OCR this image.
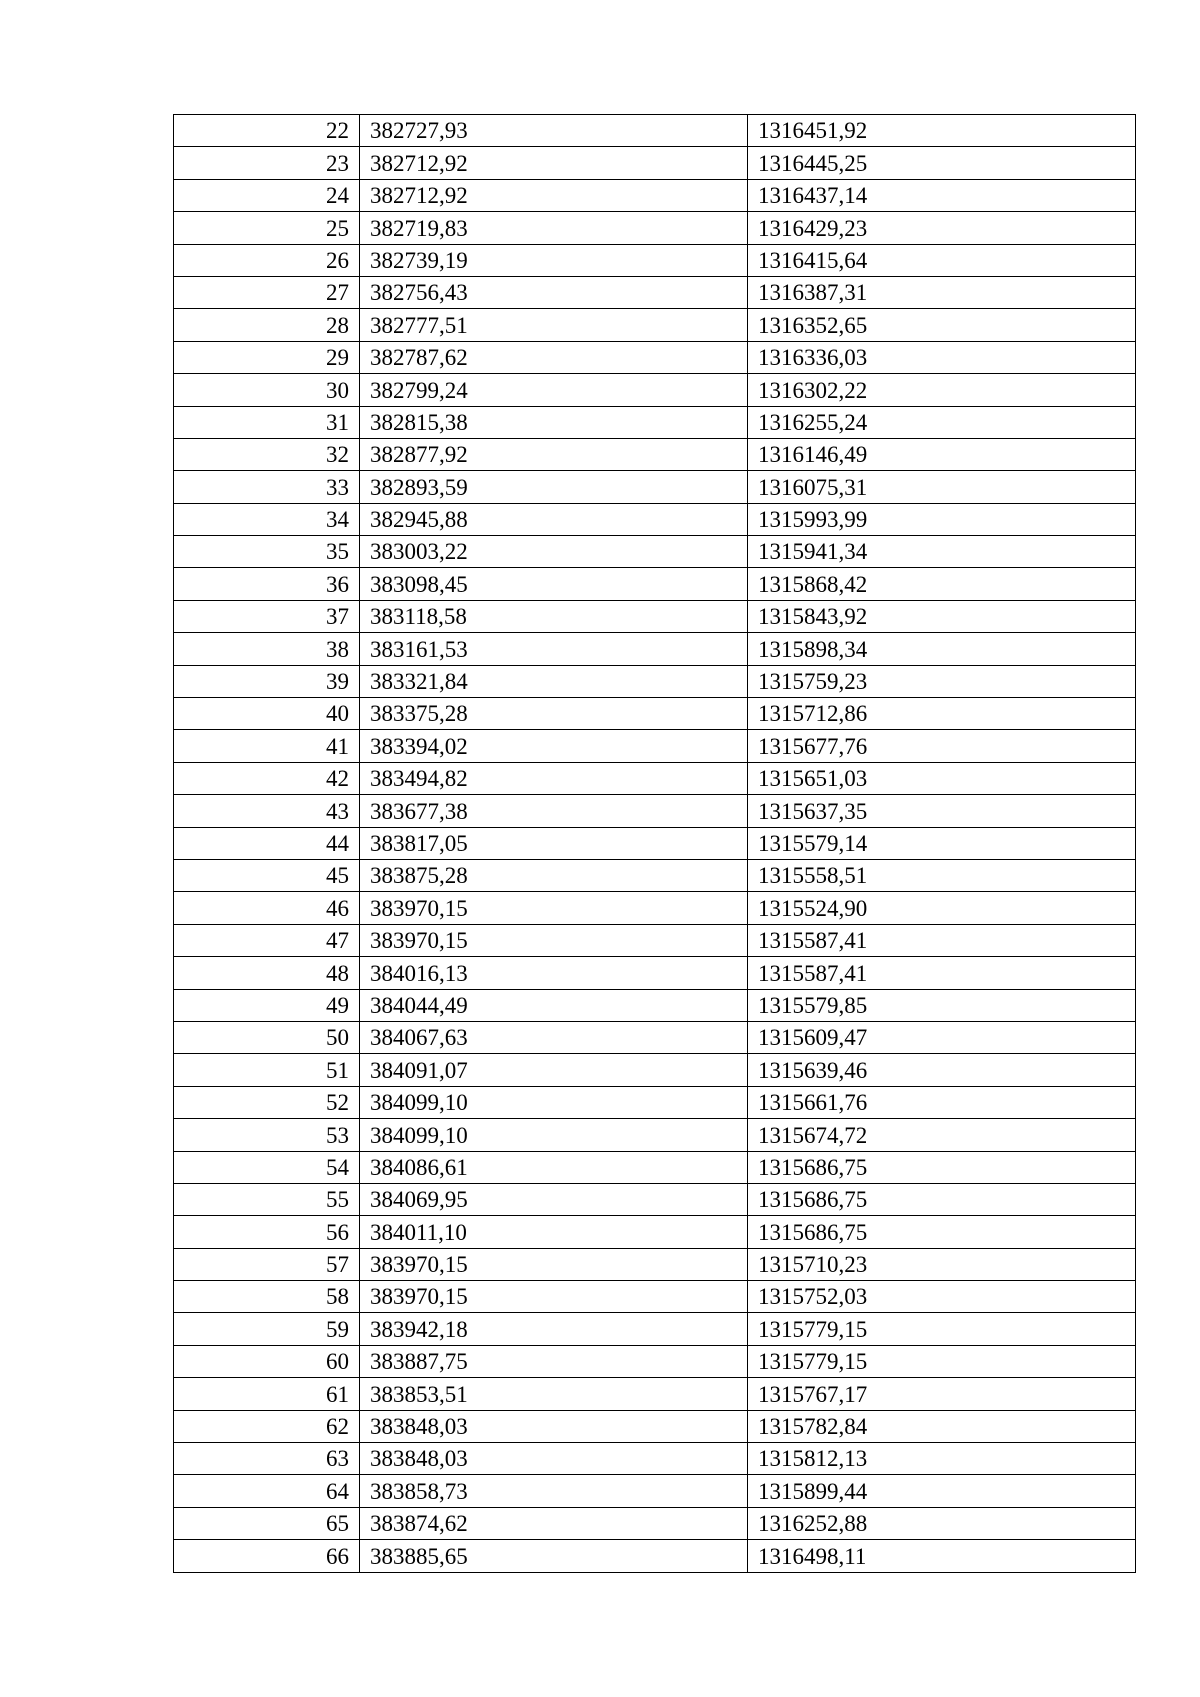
22	382727,93	1316451,92
23	382712,92	1316445,25
24	382712,92	1316437,14
25	382719,83	1316429,23
26	382739,19	1316415,64
27	382756,43	1316387,31
28	382777,51	1316352,65
29	382787,62	1316336,03
30	382799,24	1316302,22
31	382815,38	1316255,24
32	382877,92	1316146,49
33	382893,59	1316075,31
34	382945,88	1315993,99
35	383003,22	1315941,34
36	383098,45	1315868,42
37	383118,58	1315843,92
38	383161,53	1315898,34
39	383321,84	1315759,23
40	383375,28	1315712,86
41	383394,02	1315677,76
42	383494,82	1315651,03
43	383677,38	1315637,35
44	383817,05	1315579,14
45	383875,28	1315558,51
46	383970,15	1315524,90
47	383970,15	1315587,41
48	384016,13	1315587,41
49	384044,49	1315579,85
50	384067,63	1315609,47
51	384091,07	1315639,46
52	384099,10	1315661,76
53	384099,10	1315674,72
54	384086,61	1315686,75
55	384069,95	1315686,75
56	384011,10	1315686,75
57	383970,15	1315710,23
58	383970,15	1315752,03
59	383942,18	1315779,15
60	383887,75	1315779,15
61	383853,51	1315767,17
62	383848,03	1315782,84
63	383848,03	1315812,13
64	383858,73	1315899,44
65	383874,62	1316252,88
66	383885,65	1316498,11
